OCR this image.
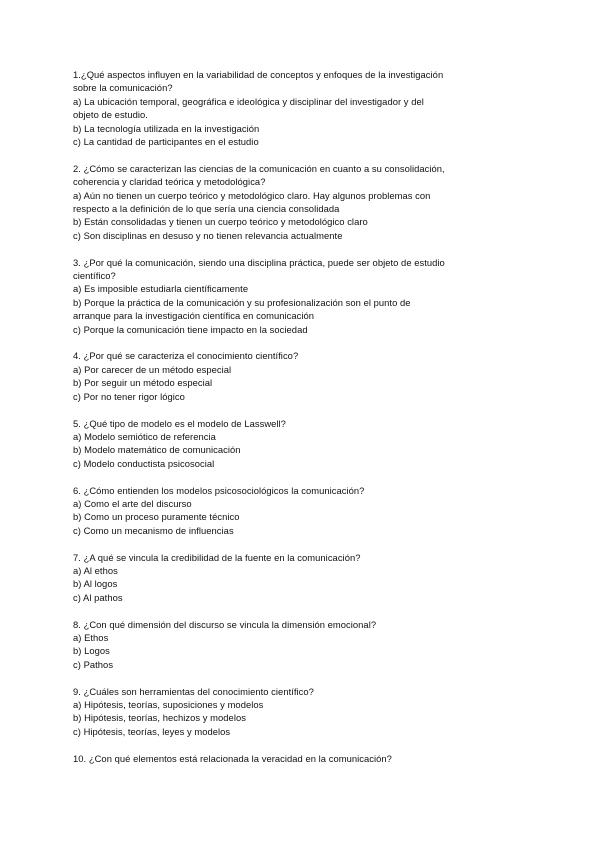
1.¿Qué aspectos influyen en la variabilidad de conceptos y enfoques de la investigación
sobre la comunicación?
a) La ubicación temporal, geográfica e ideológica y disciplinar del investigador y del
objeto de estudio.
b) La tecnología utilizada en la investigación
c) La cantidad de participantes en el estudio
2. ¿Cómo se caracterizan las ciencias de la comunicación en cuanto a su consolidación,
coherencia y claridad teórica y metodológica?
a) Aún no tienen un cuerpo teórico y metodológico claro. Hay algunos problemas con
respecto a la definición de lo que sería una ciencia consolidada
b) Están consolidadas y tienen un cuerpo teórico y metodológico claro
c) Son disciplinas en desuso y no tienen relevancia actualmente
3. ¿Por qué la comunicación, siendo una disciplina práctica, puede ser objeto de estudio
científico?
a) Es imposible estudiarla científicamente
b) Porque la práctica de la comunicación y su profesionalización son el punto de
arranque para la investigación científica en comunicación
c) Porque la comunicación tiene impacto en la sociedad
4. ¿Por qué se caracteriza el conocimiento científico?
a) Por carecer de un método especial
b) Por seguir un método especial
c) Por no tener rigor lógico
5. ¿Qué tipo de modelo es el modelo de Lasswell?
a) Modelo semiótico de referencia
b) Modelo matemático de comunicación
c) Modelo conductista psicosocial
6. ¿Cómo entienden los modelos psicosociológicos la comunicación?
a) Como el arte del discurso
b) Como un proceso puramente técnico
c) Como un mecanismo de influencias
7. ¿A qué se vincula la credibilidad de la fuente en la comunicación?
a) Al ethos
b) Al logos
c) Al pathos
8. ¿Con qué dimensión del discurso se vincula la dimensión emocional?
a) Ethos
b) Logos
c) Pathos
9. ¿Cuáles son herramientas del conocimiento científico?
a) Hipótesis, teorías, suposiciones y modelos
b) Hipótesis, teorías, hechizos y modelos
c) Hipótesis, teorías, leyes y modelos
10. ¿Con qué elementos está relacionada la veracidad en la comunicación?
